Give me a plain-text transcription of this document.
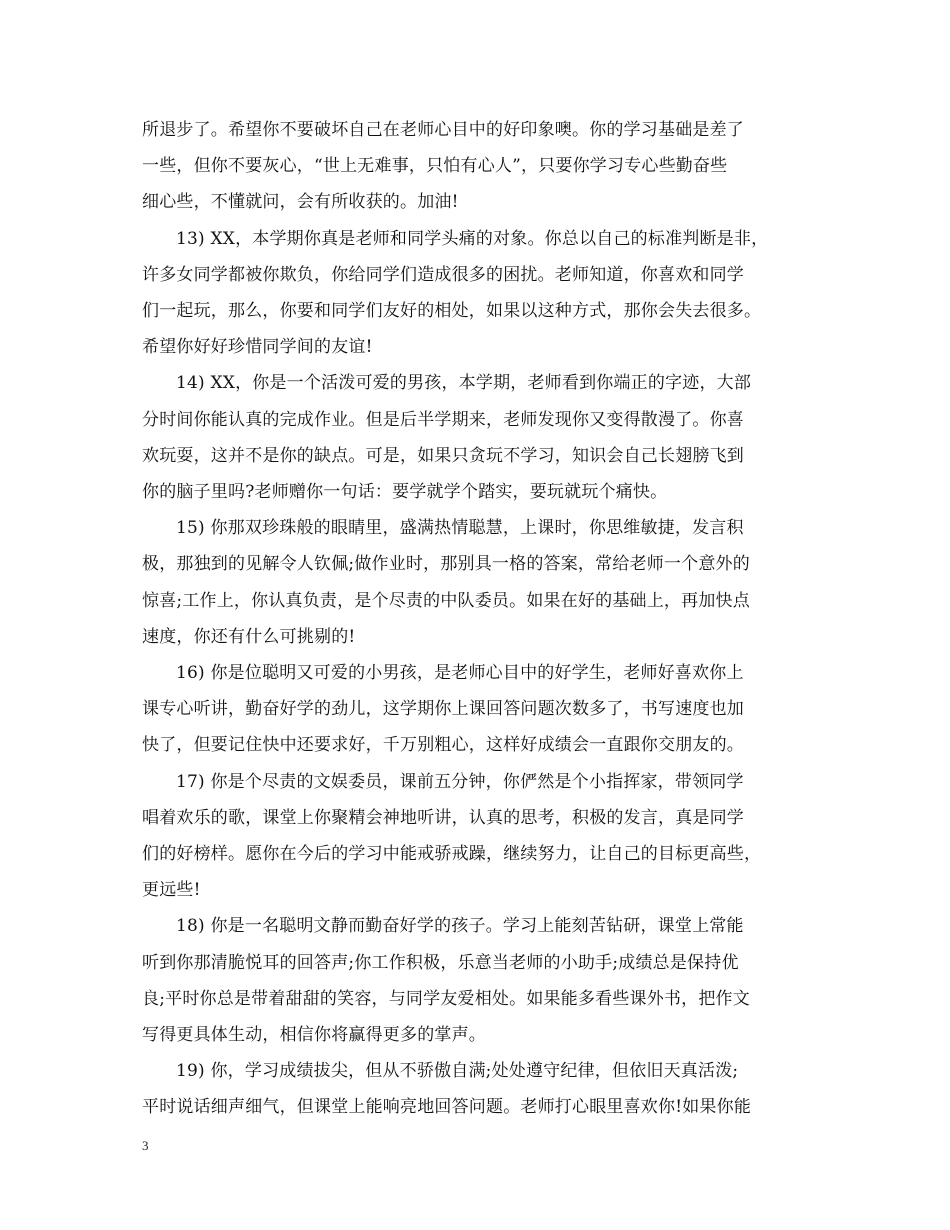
所退步了。希望你不要破坏自己在老师心目中的好印象噢。你的学习基础是差了
一些，但你不要灰心，“世上无难事，只怕有心人”，只要你学习专心些勤奋些
细心些，不懂就问，会有所收获的。加油!

13) XX，本学期你真是老师和同学头痛的对象。你总以自己的标准判断是非，
许多女同学都被你欺负，你给同学们造成很多的困扰。老师知道，你喜欢和同学
们一起玩，那么，你要和同学们友好的相处，如果以这种方式，那你会失去很多。
希望你好好珍惜同学间的友谊!

14) XX，你是一个活泼可爱的男孩，本学期，老师看到你端正的字迹，大部
分时间你能认真的完成作业。但是后半学期来，老师发现你又变得散漫了。你喜
欢玩耍，这并不是你的缺点。可是，如果只贪玩不学习，知识会自己长翅膀飞到
你的脑子里吗?老师赠你一句话：要学就学个踏实，要玩就玩个痛快。

15) 你那双珍珠般的眼睛里，盛满热情聪慧，上课时，你思维敏捷，发言积
极，那独到的见解令人钦佩;做作业时，那别具一格的答案，常给老师一个意外的
惊喜;工作上，你认真负责，是个尽责的中队委员。如果在好的基础上，再加快点
速度，你还有什么可挑剔的!

16) 你是位聪明又可爱的小男孩，是老师心目中的好学生，老师好喜欢你上
课专心听讲，勤奋好学的劲儿，这学期你上课回答问题次数多了，书写速度也加
快了，但要记住快中还要求好，千万别粗心，这样好成绩会一直跟你交朋友的。

17) 你是个尽责的文娱委员，课前五分钟，你俨然是个小指挥家，带领同学
唱着欢乐的歌，课堂上你聚精会神地听讲，认真的思考，积极的发言，真是同学
们的好榜样。愿你在今后的学习中能戒骄戒躁，继续努力，让自己的目标更高些，
更远些!

18) 你是一名聪明文静而勤奋好学的孩子。学习上能刻苦钻研，课堂上常能
听到你那清脆悦耳的回答声;你工作积极，乐意当老师的小助手;成绩总是保持优
良;平时你总是带着甜甜的笑容，与同学友爱相处。如果能多看些课外书，把作文
写得更具体生动，相信你将赢得更多的掌声。

19) 你，学习成绩拔尖，但从不骄傲自满;处处遵守纪律，但依旧天真活泼;
平时说话细声细气，但课堂上能响亮地回答问题。老师打心眼里喜欢你!如果你能

3
